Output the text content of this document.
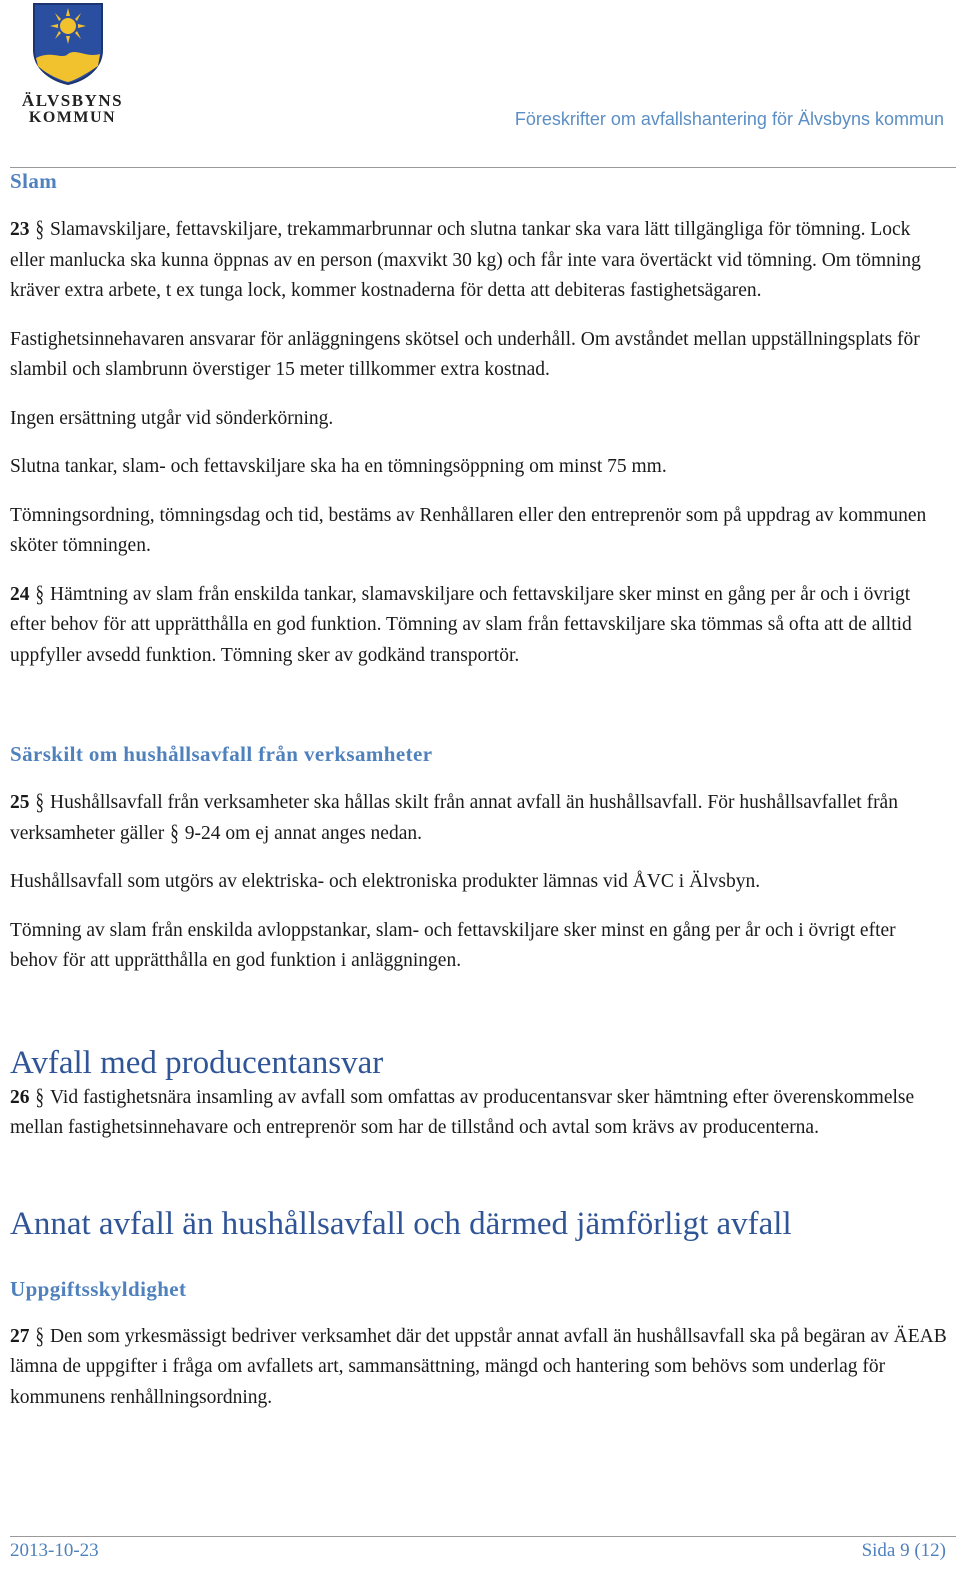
ÄLVSBYNS
KOMMUN	Föreskrifter om avfallshantering för Älvsbyns kommun
Slam

23 § Slamavskiljare, fettavskiljare, trekammarbrunnar och slutna tankar ska vara lätt tillgängliga för tömning. Lock eller manlucka ska kunna öppnas av en person (maxvikt 30 kg) och får inte vara övertäckt vid tömning. Om tömning kräver extra arbete, t ex tunga lock, kommer kostnaderna för detta att debiteras fastighetsägaren.

Fastighetsinnehavaren ansvarar för anläggningens skötsel och underhåll. Om avståndet mellan uppställningsplats för slambil och slambrunn överstiger 15 meter tillkommer extra kostnad.

Ingen ersättning utgår vid sönderkörning.

Slutna tankar, slam- och fettavskiljare ska ha en tömningsöppning om minst 75 mm.

Tömningsordning, tömningsdag och tid, bestäms av Renhållaren eller den entreprenör som på uppdrag av kommunen sköter tömningen.

24 § Hämtning av slam från enskilda tankar, slamavskiljare och fettavskiljare sker minst en gång per år och i övrigt efter behov för att upprätthålla en god funktion. Tömning av slam från fettavskiljare ska tömmas så ofta att de alltid uppfyller avsedd funktion. Tömning sker av godkänd transportör.

Särskilt om hushållsavfall från verksamheter

25 § Hushållsavfall från verksamheter ska hållas skilt från annat avfall än hushållsavfall. För hushållsavfallet från verksamheter gäller § 9-24 om ej annat anges nedan.

Hushållsavfall som utgörs av elektriska- och elektroniska produkter lämnas vid ÅVC i Älvsbyn.

Tömning av slam från enskilda avloppstankar, slam- och fettavskiljare sker minst en gång per år och i övrigt efter behov för att upprätthålla en god funktion i anläggningen.

Avfall med producentansvar

26 § Vid fastighetsnära insamling av avfall som omfattas av producentansvar sker hämtning efter överenskommelse mellan fastighetsinnehavare och entreprenör som har de tillstånd och avtal som krävs av producenterna.

Annat avfall än hushållsavfall och därmed jämförligt avfall
Uppgiftsskyldighet

27 § Den som yrkesmässigt bedriver verksamhet där det uppstår annat avfall än hushållsavfall ska på begäran av ÄEAB lämna de uppgifter i fråga om avfallets art, sammansättning, mängd och hantering som behövs som underlag för kommunens renhållningsordning.

2013-10-23	Sida 9 (12)
